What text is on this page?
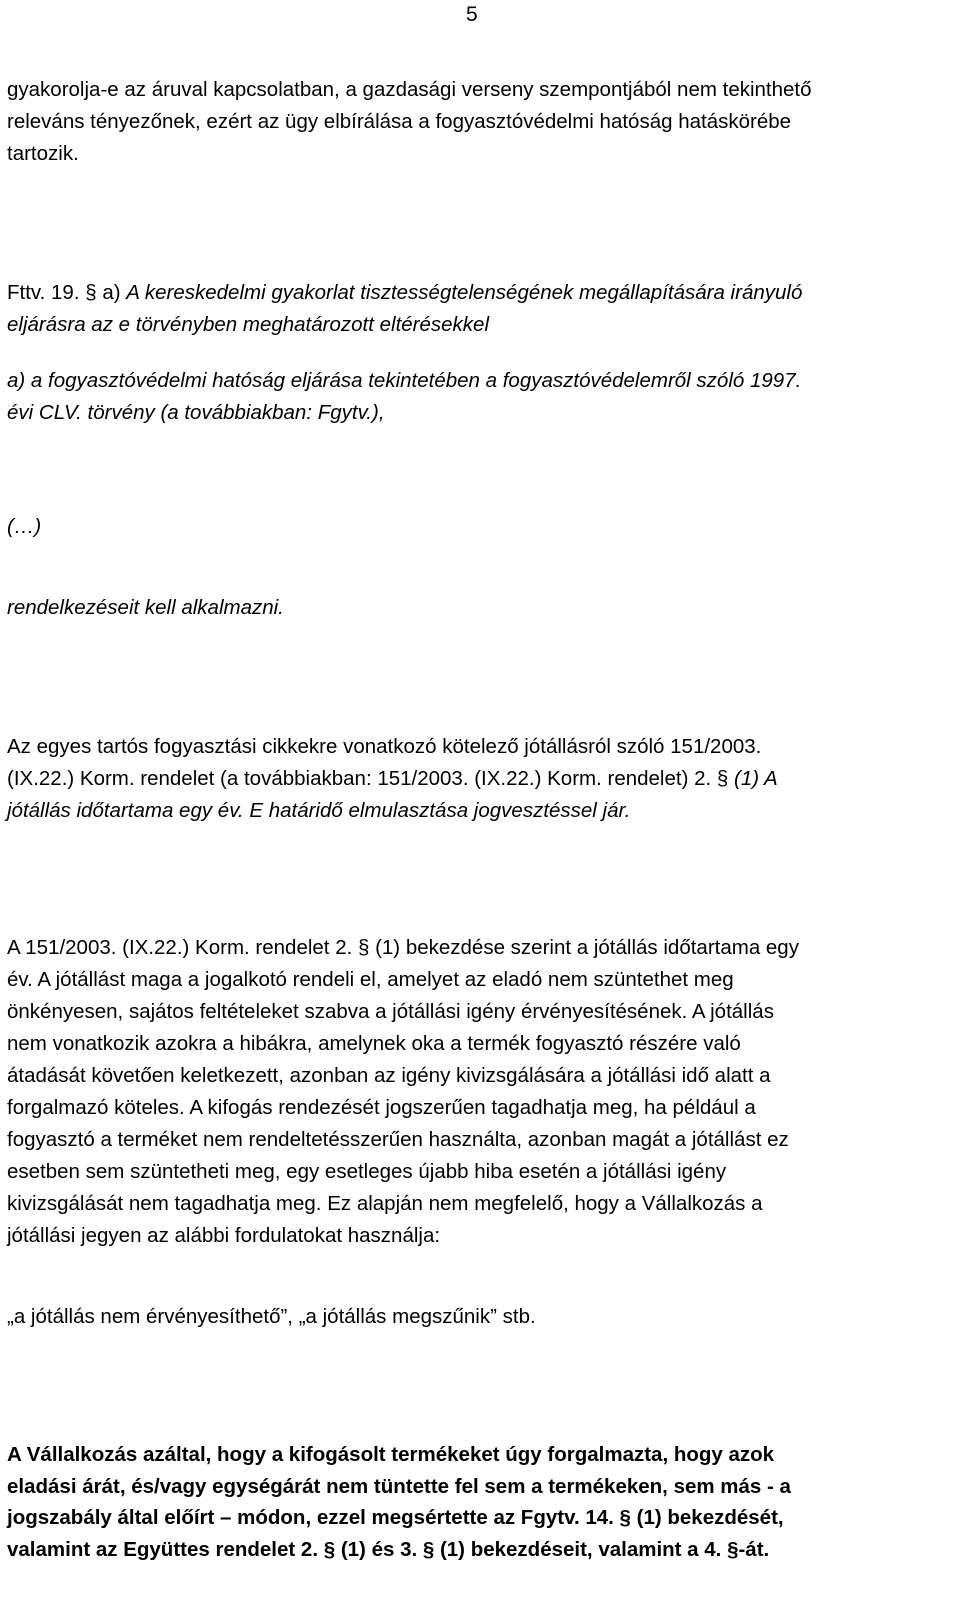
5
gyakorolja-e az áruval kapcsolatban, a gazdasági verseny szempontjából nem tekinthető
releváns tényezőnek, ezért az ügy elbírálása a fogyasztóvédelmi hatóság hatáskörébe
tartozik.
Fttv. 19. § a) A kereskedelmi gyakorlat tisztességtelenségének megállapítására irányuló
eljárásra az e törvényben meghatározott eltérésekkel
a) a fogyasztóvédelmi hatóság eljárása tekintetében a fogyasztóvédelemről szóló 1997.
évi CLV. törvény (a továbbiakban: Fgytv.),
(…)
rendelkezéseit kell alkalmazni.
Az egyes tartós fogyasztási cikkekre vonatkozó kötelező jótállásról szóló 151/2003.
(IX.22.) Korm. rendelet (a továbbiakban: 151/2003. (IX.22.) Korm. rendelet) 2. § (1) A
jótállás időtartama egy év. E határidő elmulasztása jogvesztéssel jár.
A 151/2003. (IX.22.) Korm. rendelet 2. § (1) bekezdése szerint a jótállás időtartama egy
év. A jótállást maga a jogalkotó rendeli el, amelyet az eladó nem szüntethet meg
önkényesen, sajátos feltételeket szabva a jótállási igény érvényesítésének. A jótállás
nem vonatkozik azokra a hibákra, amelynek oka a termék fogyasztó részére való
átadását követően keletkezett, azonban az igény kivizsgálására a jótállási idő alatt a
forgalmazó köteles. A kifogás rendezését jogszerűen tagadhatja meg, ha például a
fogyasztó a terméket nem rendeltetésszerűen használta, azonban magát a jótállást ez
esetben sem szüntetheti meg, egy esetleges újabb hiba esetén a jótállási igény
kivizsgálását nem tagadhatja meg. Ez alapján nem megfelelő, hogy a Vállalkozás a
jótállási jegyen az alábbi fordulatokat használja:
„a jótállás nem érvényesíthető”, „a jótállás megszűnik” stb.
A Vállalkozás azáltal, hogy a kifogásolt termékeket úgy forgalmazta, hogy azok
eladási árát, és/vagy egységárát nem tüntette fel sem a termékeken, sem más - a
jogszabály által előírt – módon, ezzel megsértette az Fgytv. 14. § (1) bekezdését,
valamint az Együttes rendelet 2. § (1) és 3. § (1) bekezdéseit, valamint a 4. §-át.
